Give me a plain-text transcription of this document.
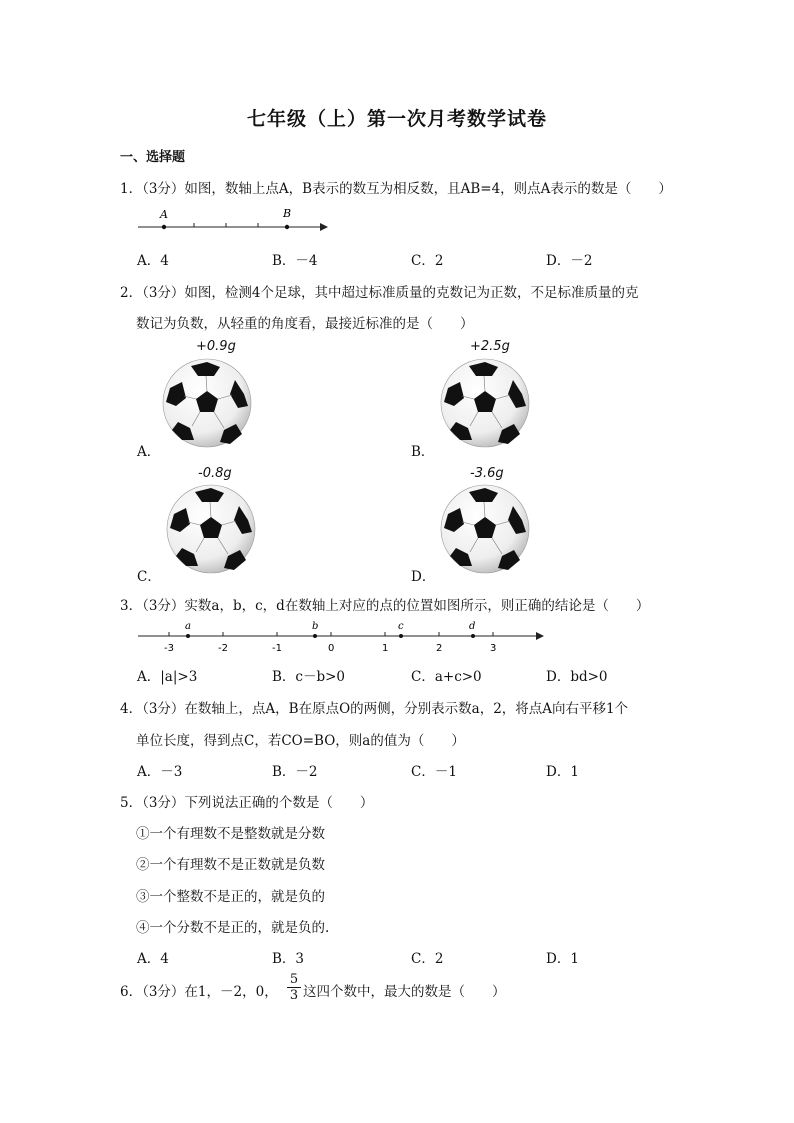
七年级（上）第一次月考数学试卷
一、选择题
1．（3分）如图，数轴上点A，B表示的数互为相反数，且AB=4，则点A表示的数是（　　）
A	B
A．4	B．－4	C．2	D．－2
2．（3分）如图，检测4个足球，其中超过标准质量的克数记为正数，不足标准质量的克
数记为负数，从轻重的角度看，最接近标准的是（　　）
+0.9g
A．
+2.5g
B．
-0.8g
C．
-3.6g
D．
3．（3分）实数a，b，c，d在数轴上对应的点的位置如图所示，则正确的结论是（　　）
-3	-2	-1	0	1	2	3
a	b	c	d
A．|a|>3	B．c－b>0	C．a+c>0	D．bd>0
4．（3分）在数轴上，点A，B在原点O的两侧，分别表示数a，2，将点A向右平移1个
单位长度，得到点C，若CO=BO，则a的值为（　　）
A．－3	B．－2	C．－1	D．1
5．（3分）下列说法正确的个数是（　　）
①一个有理数不是整数就是分数
②一个有理数不是正数就是负数
③一个整数不是正的，就是负的
④一个分数不是正的，就是负的.
A．4	B．3	C．2	D．1
6．（3分）在1，－2，0，
5
3 这四个数中，最大的数是（　　）
